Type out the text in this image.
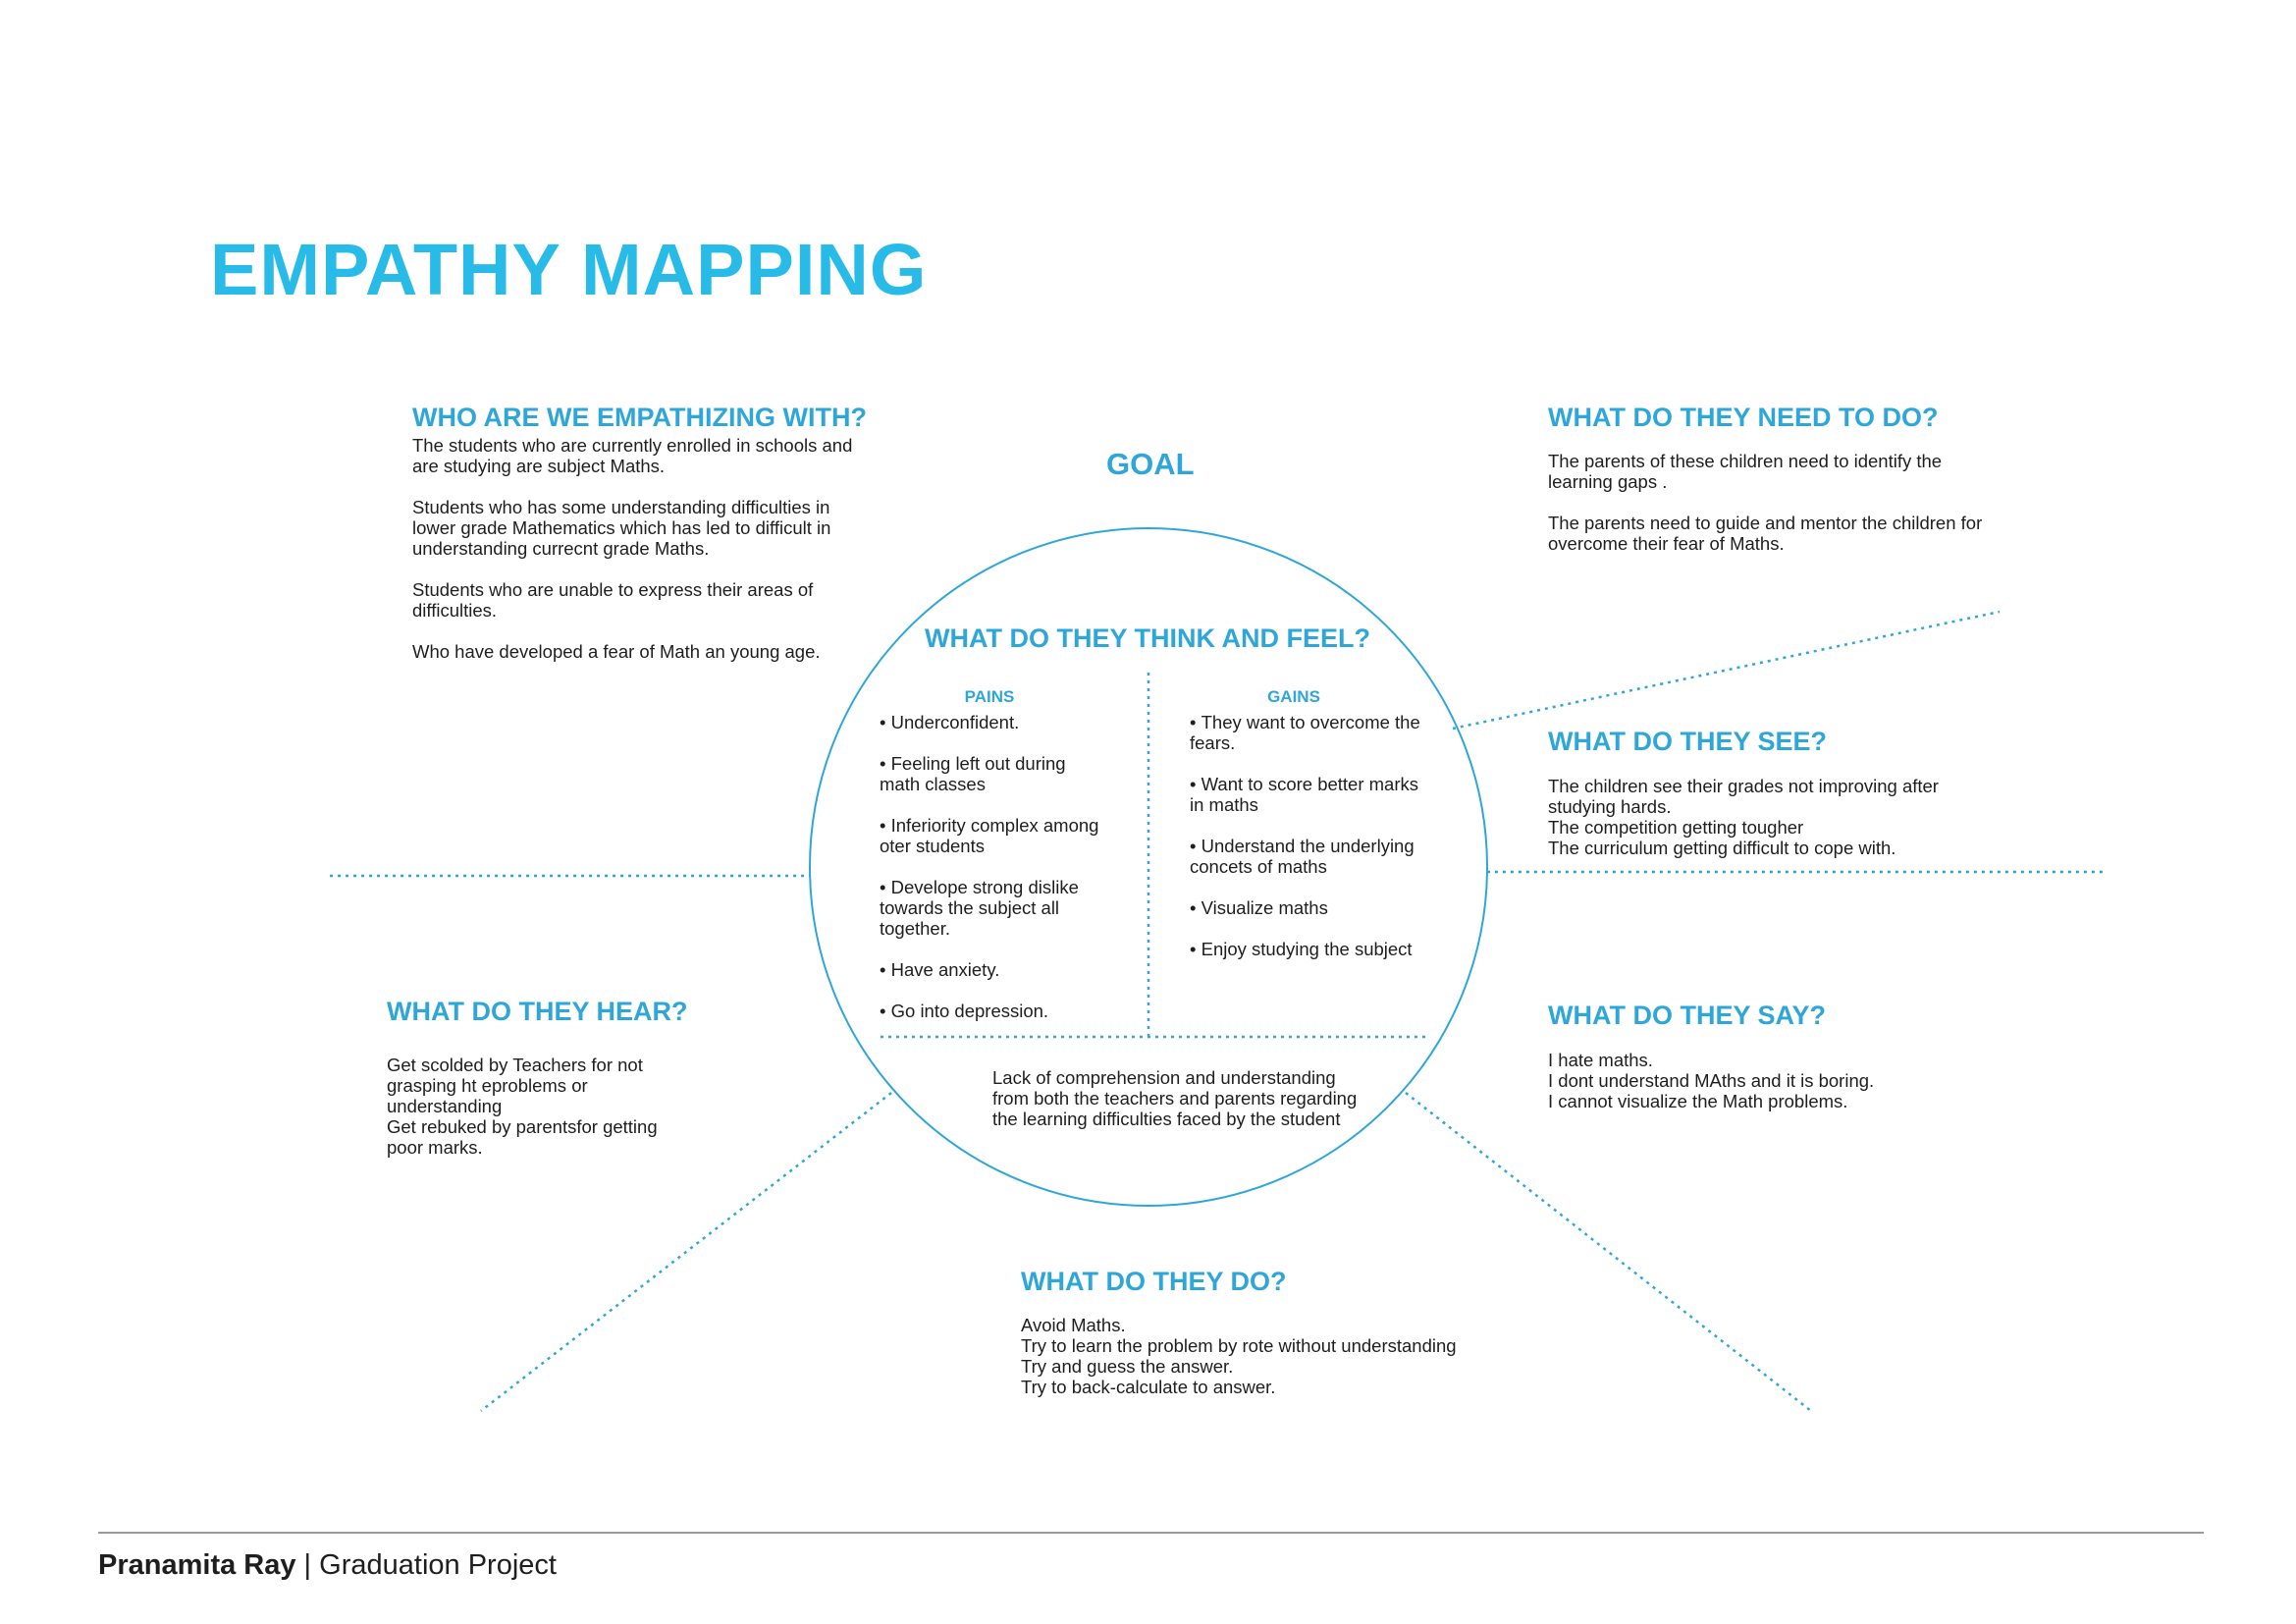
EMPATHY MAPPING
WHO ARE WE EMPATHIZING WITH?

The students who are currently enrolled in schools and
are studying are subject Maths.

Students who has some understanding difficulties in
lower grade Mathematics which has led to difficult in
understanding currecnt grade Maths.

Students who are unable to express their areas of
difficulties.

Who have developed a fear of Math an young age.

GOAL
WHAT DO THEY NEED TO DO?

The parents of these children need to identify the
learning gaps .

The parents need to guide and mentor the children for
overcome their fear of Maths.

WHAT DO THEY THINK AND FEEL?
PAINS
• Underconfident.
• Feeling left out during
math classes
• Inferiority complex among
oter students
• Develope strong dislike
towards the subject all
together.
• Have anxiety.
• Go into depression.
GAINS
• They want to overcome the
fears.
• Want to score better marks
in maths
• Understand the underlying
concets of maths
• Visualize maths
• Enjoy studying the subject
Lack of comprehension and understanding
from both the teachers and parents regarding
the learning difficulties faced by the student
WHAT DO THEY SEE?
The children see their grades not improving after
studying hards.
The competition getting tougher
The curriculum getting difficult to cope with.
WHAT DO THEY HEAR?
Get scolded by Teachers for not
grasping ht eproblems or
understanding
Get rebuked by parentsfor getting
poor marks.
WHAT DO THEY SAY?
I hate maths.
I dont understand MAths and it is boring.
I cannot visualize the Math problems.
WHAT DO THEY DO?
Avoid Maths.
Try to learn the problem by rote without understanding
Try and guess the answer.
Try to back-calculate to answer.
Pranamita Ray | Graduation Project
